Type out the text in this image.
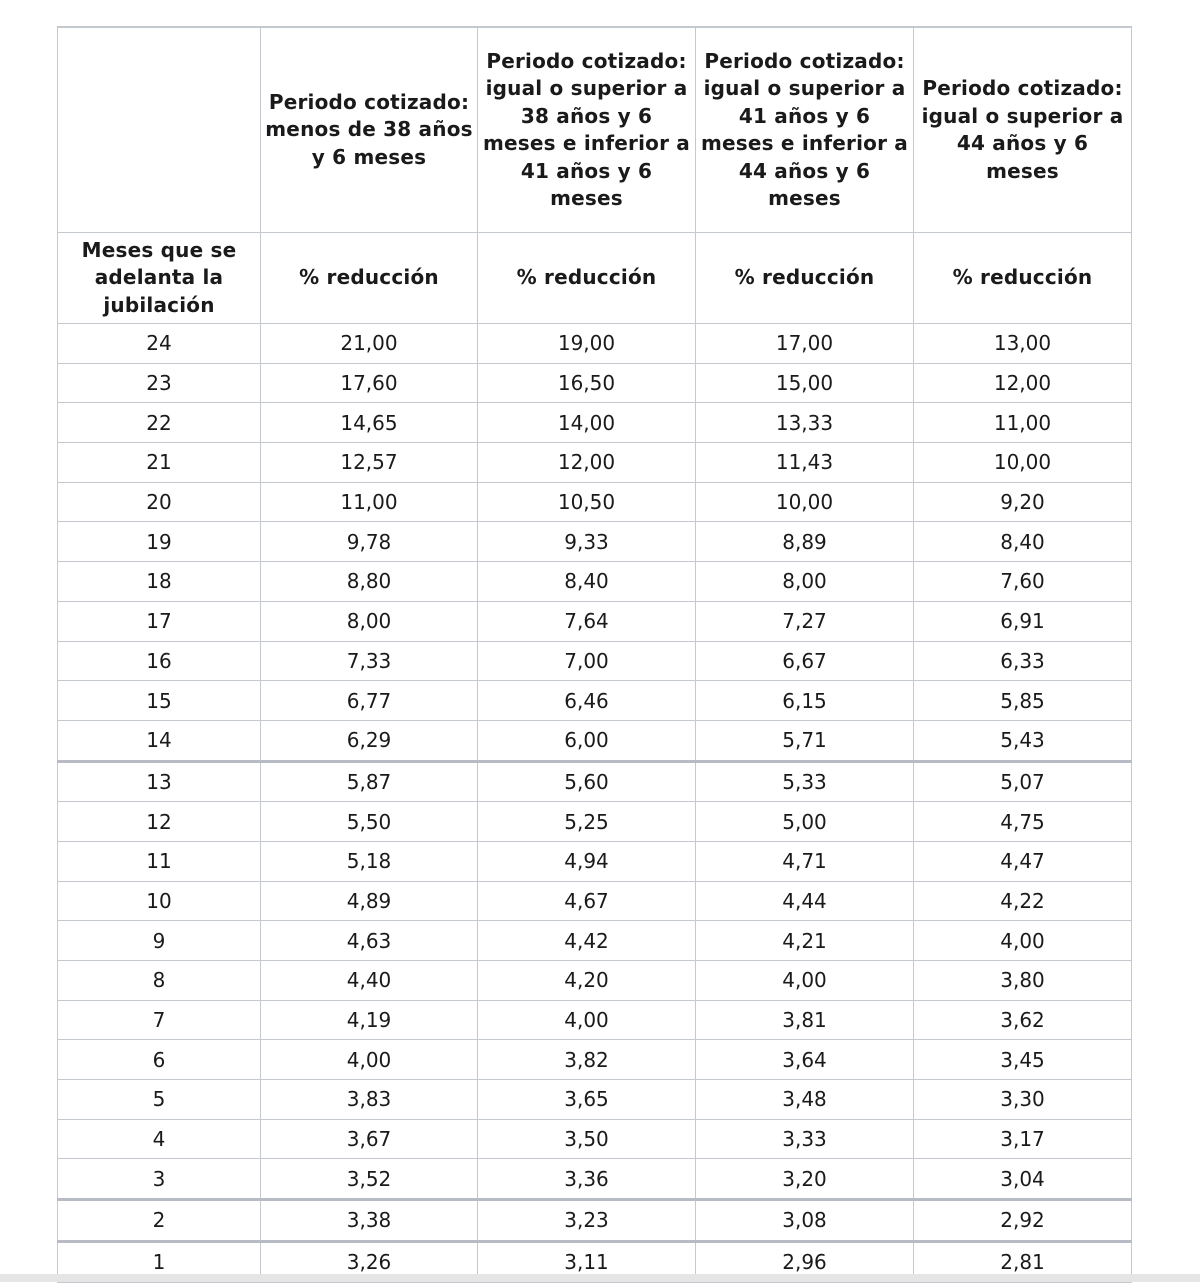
	Periodo cotizado: menos de 38 años y 6 meses	Periodo cotizado: igual o superior a 38 años y 6 meses e inferior a 41 años y 6 meses	Periodo cotizado: igual o superior a 41 años y 6 meses e inferior a 44 años y 6 meses	Periodo cotizado: igual o superior a 44 años y 6 meses
Meses que se adelanta la jubilación	% reducción	% reducción	% reducción	% reducción
24	21,00	19,00	17,00	13,00
23	17,60	16,50	15,00	12,00
22	14,65	14,00	13,33	11,00
21	12,57	12,00	11,43	10,00
20	11,00	10,50	10,00	9,20
19	9,78	9,33	8,89	8,40
18	8,80	8,40	8,00	7,60
17	8,00	7,64	7,27	6,91
16	7,33	7,00	6,67	6,33
15	6,77	6,46	6,15	5,85
14	6,29	6,00	5,71	5,43
13	5,87	5,60	5,33	5,07
12	5,50	5,25	5,00	4,75
11	5,18	4,94	4,71	4,47
10	4,89	4,67	4,44	4,22
9	4,63	4,42	4,21	4,00
8	4,40	4,20	4,00	3,80
7	4,19	4,00	3,81	3,62
6	4,00	3,82	3,64	3,45
5	3,83	3,65	3,48	3,30
4	3,67	3,50	3,33	3,17
3	3,52	3,36	3,20	3,04
2	3,38	3,23	3,08	2,92
1	3,26	3,11	2,96	2,81
